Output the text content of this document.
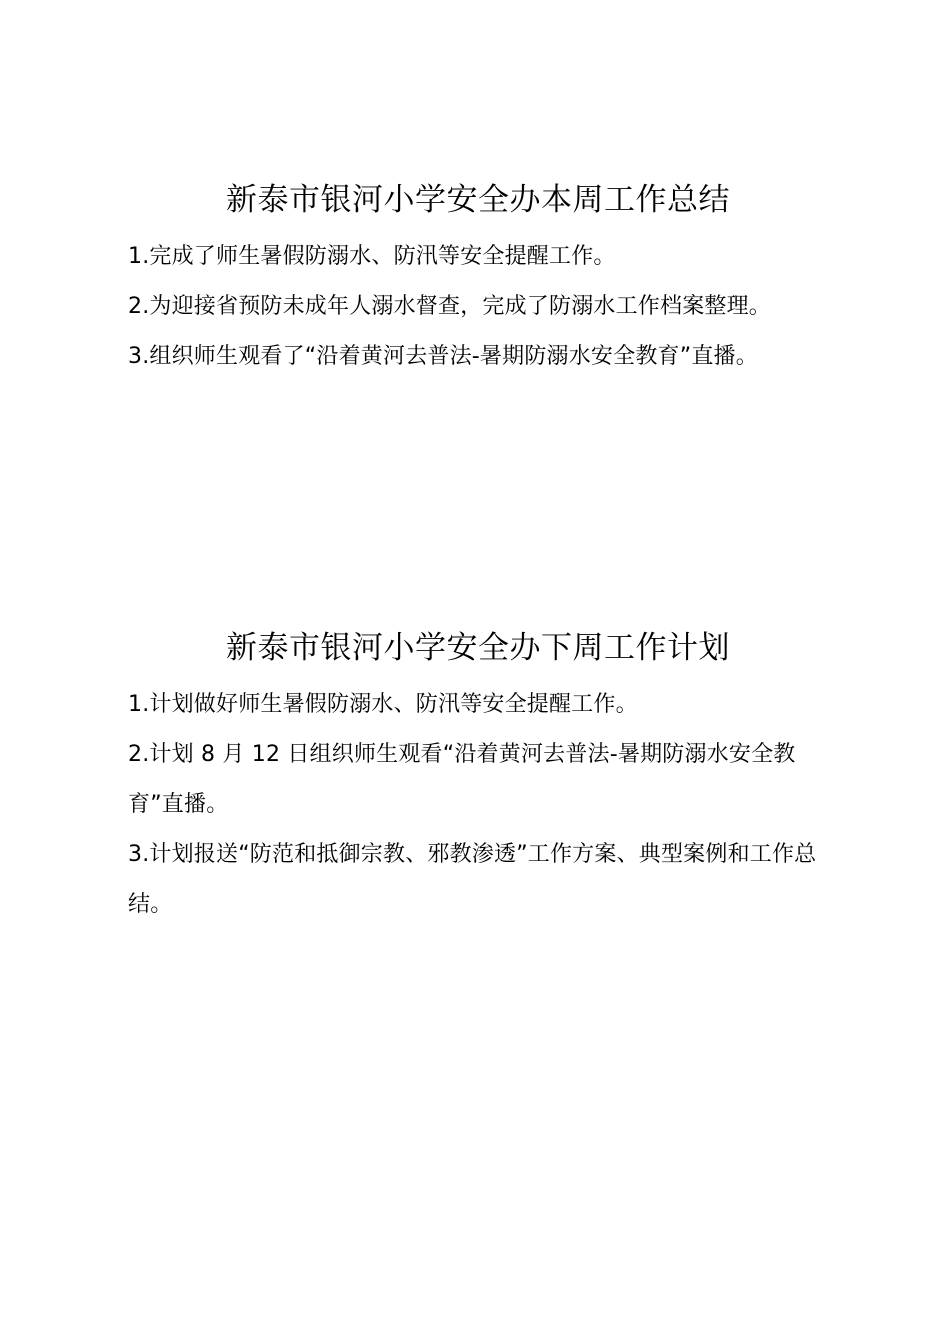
新泰市银河小学安全办本周工作总结
1.完成了师生暑假防溺水、防汛等安全提醒工作。
2.为迎接省预防未成年人溺水督查，完成了防溺水工作档案整理。
3.组织师生观看了“沿着黄河去普法-暑期防溺水安全教育”直播。
新泰市银河小学安全办下周工作计划
1.计划做好师生暑假防溺水、防汛等安全提醒工作。
2.计划 8 月 12 日组织师生观看“沿着黄河去普法-暑期防溺水安全教育”直播。
3.计划报送“防范和抵御宗教、邪教渗透”工作方案、典型案例和工作总结。
